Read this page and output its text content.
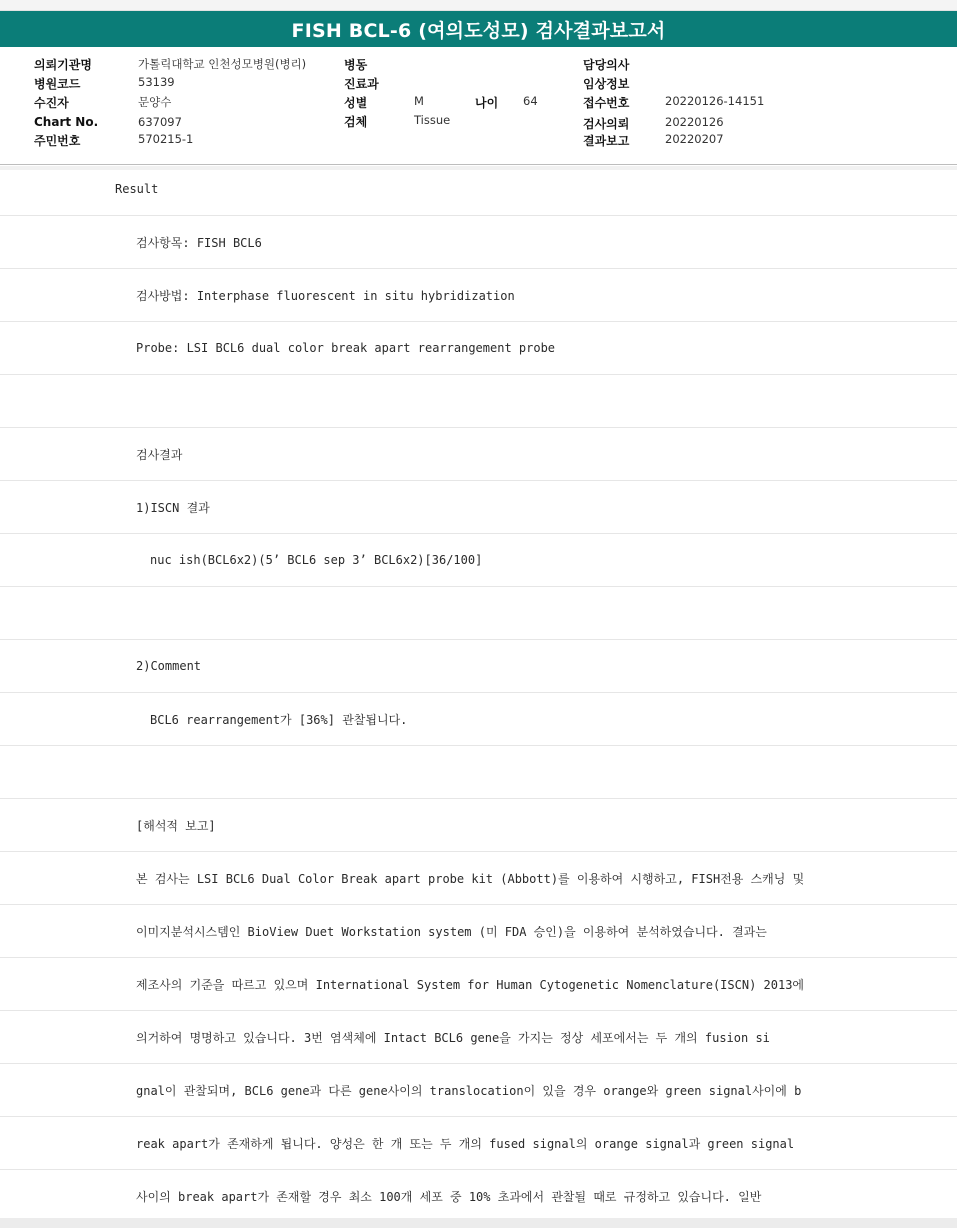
FISH BCL-6 (여의도성모) 검사결과보고서
의뢰기관명	가톨릭대학교 인천성모병원(병리)
병원코드	53139
수진자	문양수
Chart No.	637097
주민번호	570215-1
병동
진료과
성별	M
검체	Tissue
나이 64
담당의사
임상정보
접수번호	20220126-14151
검사의뢰	20220126
결과보고	20220207
Result
검사항목: FISH BCL6
검사방법: Interphase fluorescent in situ hybridization
Probe: LSI BCL6 dual color break apart rearrangement probe
검사결과
1)ISCN 결과
nuc ish(BCL6x2)(5’ BCL6 sep 3’ BCL6x2)[36/100]
2)Comment
BCL6 rearrangement가 [36%] 관찰됩니다.
[해석적 보고]
본 검사는 LSI BCL6 Dual Color Break apart probe kit (Abbott)를 이용하여 시행하고, FISH전용 스캐닝 및
이미지분석시스템인 BioView Duet Workstation system (미 FDA 승인)을 이용하여 분석하였습니다. 결과는
제조사의 기준을 따르고 있으며 International System for Human Cytogenetic Nomenclature(ISCN) 2013에
의거하여 명명하고 있습니다. 3번 염색체에 Intact BCL6 gene을 가지는 정상 세포에서는 두 개의 fusion si
gnal이 관찰되며, BCL6 gene과 다른 gene사이의 translocation이 있을 경우 orange와 green signal사이에 b
reak apart가 존재하게 됩니다. 양성은 한 개 또는 두 개의 fused signal의 orange signal과 green signal
사이의 break apart가 존재할 경우 최소 100개 세포 중 10% 초과에서 관찰될 때로 규정하고 있습니다. 일반
